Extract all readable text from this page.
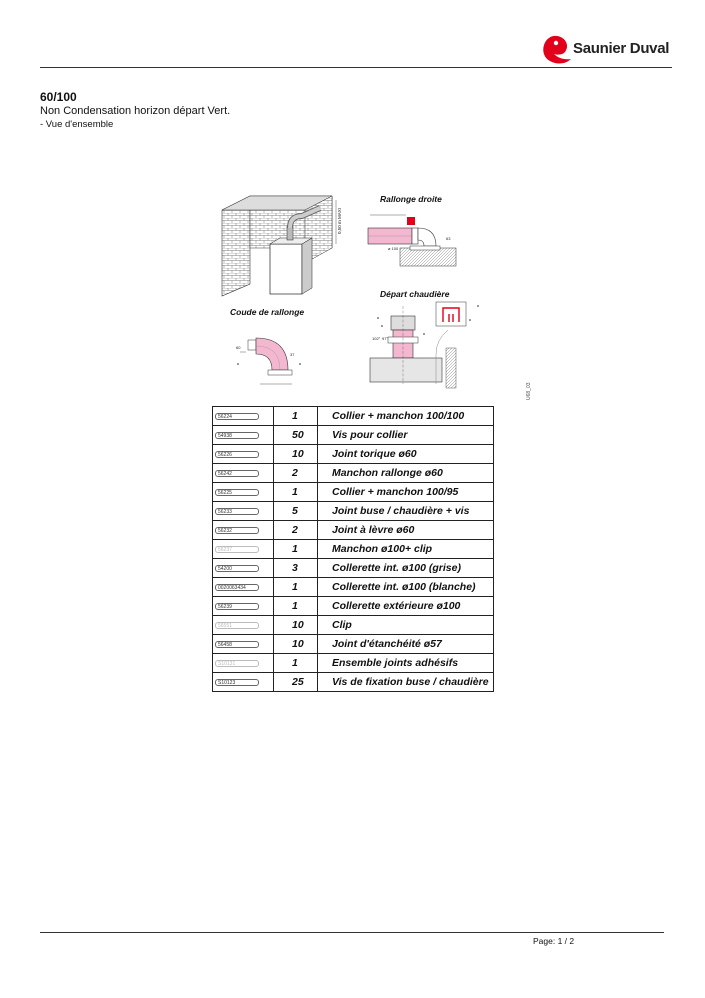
Saunier Duval
60/100
Non Condensation horizon départ Vert.
- Vue d'ensemble
0,50 m MAXI
Rallonge droite
ø 100
63
Départ chaudière
102° 97°
Coude de rallonge
37
60
U68_03
56224	1	Collier + manchon 100/100
54938	50	Vis pour collier
56226	10	Joint torique ø60
56242	2	Manchon rallonge ø60
56225	1	Collier + manchon 100/95
56233	5	Joint buse / chaudière + vis
56232	2	Joint à lèvre ø60
56237	1	Manchon ø100+ clip
54200	3	Collerette int. ø100 (grise)
0020063434	1	Collerette int. ø100 (blanche)
56239	1	Collerette extérieure ø100
56551	10	Clip
56458	10	Joint d'étanchéité ø57
S10131	1	Ensemble joints adhésifs
S10123	25	Vis de fixation buse / chaudière
Page: 1 / 2
